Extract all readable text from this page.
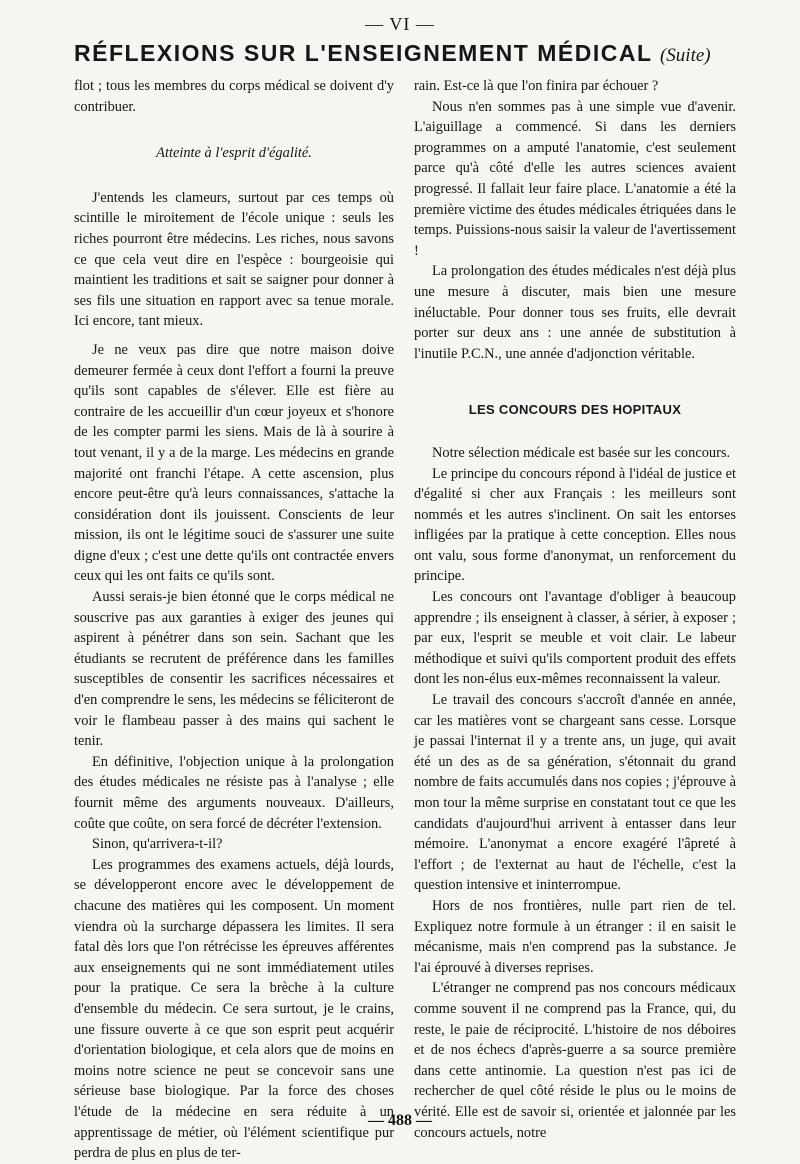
— VI —
RÉFLEXIONS SUR L'ENSEIGNEMENT MÉDICAL (Suite)

flot ; tous les membres du corps médical se doivent d'y contribuer.

Atteinte à l'esprit d'égalité.

J'entends les clameurs, surtout par ces temps où scintille le miroitement de l'école unique : seuls les riches pourront être médecins. Les riches, nous savons ce que cela veut dire en l'espèce : bourgeoisie qui maintient les traditions et sait se saigner pour donner à ses fils une situation en rapport avec sa tenue morale. Ici encore, tant mieux.

Je ne veux pas dire que notre maison doive demeurer fermée à ceux dont l'effort a fourni la preuve qu'ils sont capables de s'élever. Elle est fière au contraire de les accueillir d'un cœur joyeux et s'honore de les compter parmi les siens. Mais de là à sourire à tout venant, il y a de la marge. Les médecins en grande majorité ont franchi l'étape. A cette ascension, plus encore peut-être qu'à leurs connaissances, s'attache la considération dont ils jouissent. Conscients de leur mission, ils ont le légitime souci de s'assurer une suite digne d'eux ; c'est une dette qu'ils ont contractée envers ceux qui les ont faits ce qu'ils sont.

Aussi serais-je bien étonné que le corps médical ne souscrive pas aux garanties à exiger des jeunes qui aspirent à pénétrer dans son sein. Sachant que les étudiants se recrutent de préférence dans les familles susceptibles de consentir les sacrifices nécessaires et d'en comprendre le sens, les médecins se féliciteront de voir le flambeau passer à des mains qui sachent le tenir.

En définitive, l'objection unique à la prolongation des études médicales ne résiste pas à l'analyse ; elle fournit même des arguments nouveaux. D'ailleurs, coûte que coûte, on sera forcé de décréter l'extension.

Sinon, qu'arrivera-t-il?

Les programmes des examens actuels, déjà lourds, se développeront encore avec le développement de chacune des matières qui les composent. Un moment viendra où la surcharge dépassera les limites. Il sera fatal dès lors que l'on rétrécisse les épreuves afférentes aux enseignements qui ne sont immédiatement utiles pour la pratique. Ce sera la brèche à la culture d'ensemble du médecin. Ce sera surtout, je le crains, une fissure ouverte à ce que son esprit peut acquérir d'orientation biologique, et cela alors que de moins en moins notre science ne peut se concevoir sans une sérieuse base biologique. Par la force des choses l'étude de la médecine en sera réduite à un apprentissage de métier, où l'élément scientifique pur perdra de plus en plus de ter-

rain. Est-ce là que l'on finira par échouer ?

Nous n'en sommes pas à une simple vue d'avenir. L'aiguillage a commencé. Si dans les derniers programmes on a amputé l'anatomie, c'est seulement parce qu'à côté d'elle les autres sciences avaient progressé. Il fallait leur faire place. L'anatomie a été la première victime des études médicales étriquées dans le temps. Puissions-nous saisir la valeur de l'avertissement !

La prolongation des études médicales n'est déjà plus une mesure à discuter, mais bien une mesure inéluctable. Pour donner tous ses fruits, elle devrait porter sur deux ans : une année de substitution à l'inutile P.C.N., une année d'adjonction véritable.

LES CONCOURS DES HOPITAUX

Notre sélection médicale est basée sur les concours.

Le principe du concours répond à l'idéal de justice et d'égalité si cher aux Français : les meilleurs sont nommés et les autres s'inclinent. On sait les entorses infligées par la pratique à cette conception. Elles nous ont valu, sous forme d'anonymat, un renforcement du principe.

Les concours ont l'avantage d'obliger à beaucoup apprendre ; ils enseignent à classer, à sérier, à exposer ; par eux, l'esprit se meuble et voit clair. Le labeur méthodique et suivi qu'ils comportent produit des effets dont les non-élus eux-mêmes reconnaissent la valeur.

Le travail des concours s'accroît d'année en année, car les matières vont se chargeant sans cesse. Lorsque je passai l'internat il y a trente ans, un juge, qui avait été un des as de sa génération, s'étonnait du grand nombre de faits accumulés dans nos copies ; j'éprouve à mon tour la même surprise en constatant tout ce que les candidats d'aujourd'hui arrivent à entasser dans leur mémoire. L'anonymat a encore exagéré l'âpreté à l'effort ; de l'externat au haut de l'échelle, c'est la question intensive et ininterrompue.

Hors de nos frontières, nulle part rien de tel. Expliquez notre formule à un étranger : il en saisit le mécanisme, mais n'en comprend pas la substance. Je l'ai éprouvé à diverses reprises.

L'étranger ne comprend pas nos concours médicaux comme souvent il ne comprend pas la France, qui, du reste, le paie de réciprocité. L'histoire de nos déboires et de nos échecs d'après-guerre a sa source première dans cette antinomie. La question n'est pas ici de rechercher de quel côté réside le plus ou le moins de vérité. Elle est de savoir si, orientée et jalonnée par les concours actuels, notre

— 488 —
